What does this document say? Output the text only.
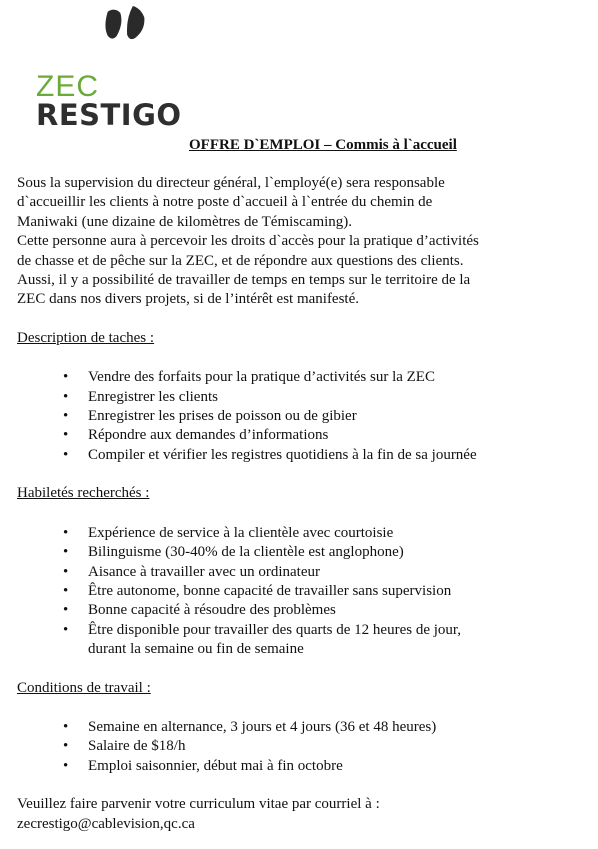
ZEC
RESTIGO
OFFRE D`EMPLOI – Commis à l`accueil

Sous la supervision du directeur général, l`employé(e) sera responsable

d`accueillir les clients à notre poste d`accueil à l`entrée du chemin de

Maniwaki (une dizaine de kilomètres de Témiscaming).

Cette personne aura à percevoir les droits d`accès pour la pratique d’activités

de chasse et de pêche sur la ZEC, et de répondre aux questions des clients.

Aussi, il y a possibilité de travailler de temps en temps sur le territoire de la

ZEC dans nos divers projets, si de l’intérêt est manifesté.

Description de taches :

• Vendre des forfaits pour la pratique d’activités sur la ZEC
• Enregistrer les clients
• Enregistrer les prises de poisson ou de gibier
• Répondre aux demandes d’informations
• Compiler et vérifier les registres quotidiens à la fin de sa journée

Habiletés recherchés :

• Expérience de service à la clientèle avec courtoisie
• Bilinguisme (30-40% de la clientèle est anglophone)
• Aisance à travailler avec un ordinateur
• Être autonome, bonne capacité de travailler sans supervision
• Bonne capacité à résoudre des problèmes
• Être disponible pour travailler des quarts de 12 heures de jour,
durant la semaine ou fin de semaine

Conditions de travail :

• Semaine en alternance, 3 jours et 4 jours (36 et 48 heures)
• Salaire de $18/h
• Emploi saisonnier, début mai à fin octobre

Veuillez faire parvenir votre curriculum vitae par courriel à :

zecrestigo@cablevision,qc.ca
